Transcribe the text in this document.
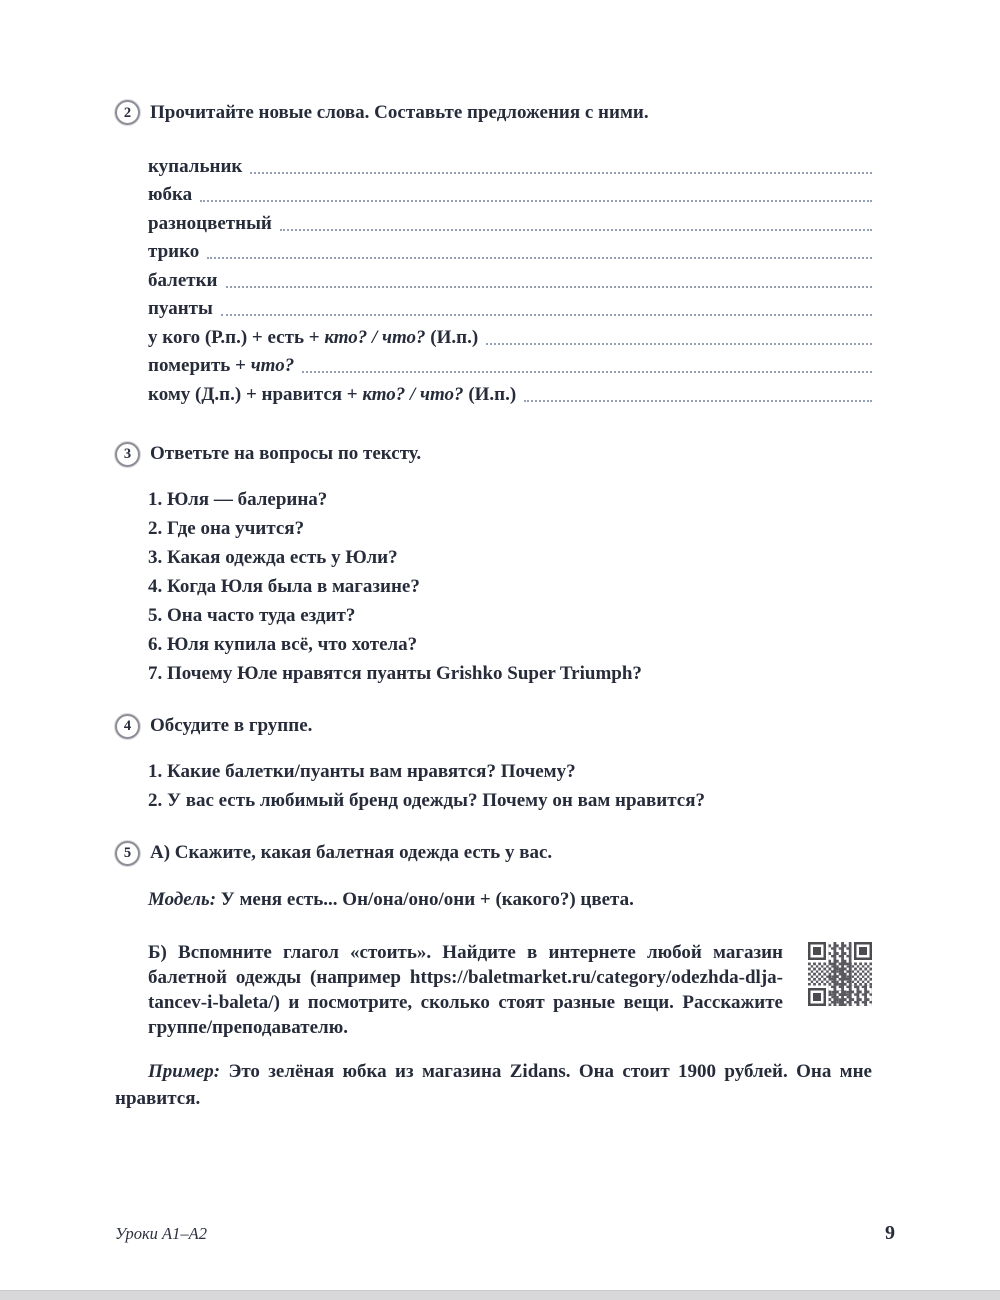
2 Прочитайте новые слова. Составьте предложения с ними.
купальник
юбка
разноцветный
трико
балетки
пуанты
у кого (Р.п.) + есть + кто? / что? (И.п.)
померить + что?
кому (Д.п.) + нравится + кто? / что? (И.п.)
3 Ответьте на вопросы по тексту.
1. Юля — балерина?
2. Где она учится?
3. Какая одежда есть у Юли?
4. Когда Юля была в магазине?
5. Она часто туда ездит?
6. Юля купила всё, что хотела?
7. Почему Юле нравятся пуанты Grishko Super Triumph?
4 Обсудите в группе.
1. Какие балетки/пуанты вам нравятся? Почему?
2. У вас есть любимый бренд одежды? Почему он вам нравится?
5 А) Скажите, какая балетная одежда есть у вас.
Модель: У меня есть... Он/она/оно/они + (какого?) цвета.

Б) Вспомните глагол «стоить». Найдите в интернете любой магазин балетной одежды (например https://baletmarket.ru/category/odezhda-dlja-tancev-i-baleta/) и посмотрите, сколько стоят разные вещи. Расскажите группе/преподавателю.

Пример: Это зелёная юбка из магазина Zidans. Она стоит 1900 рублей. Она мне нравится.

Уроки А1–А2	9
